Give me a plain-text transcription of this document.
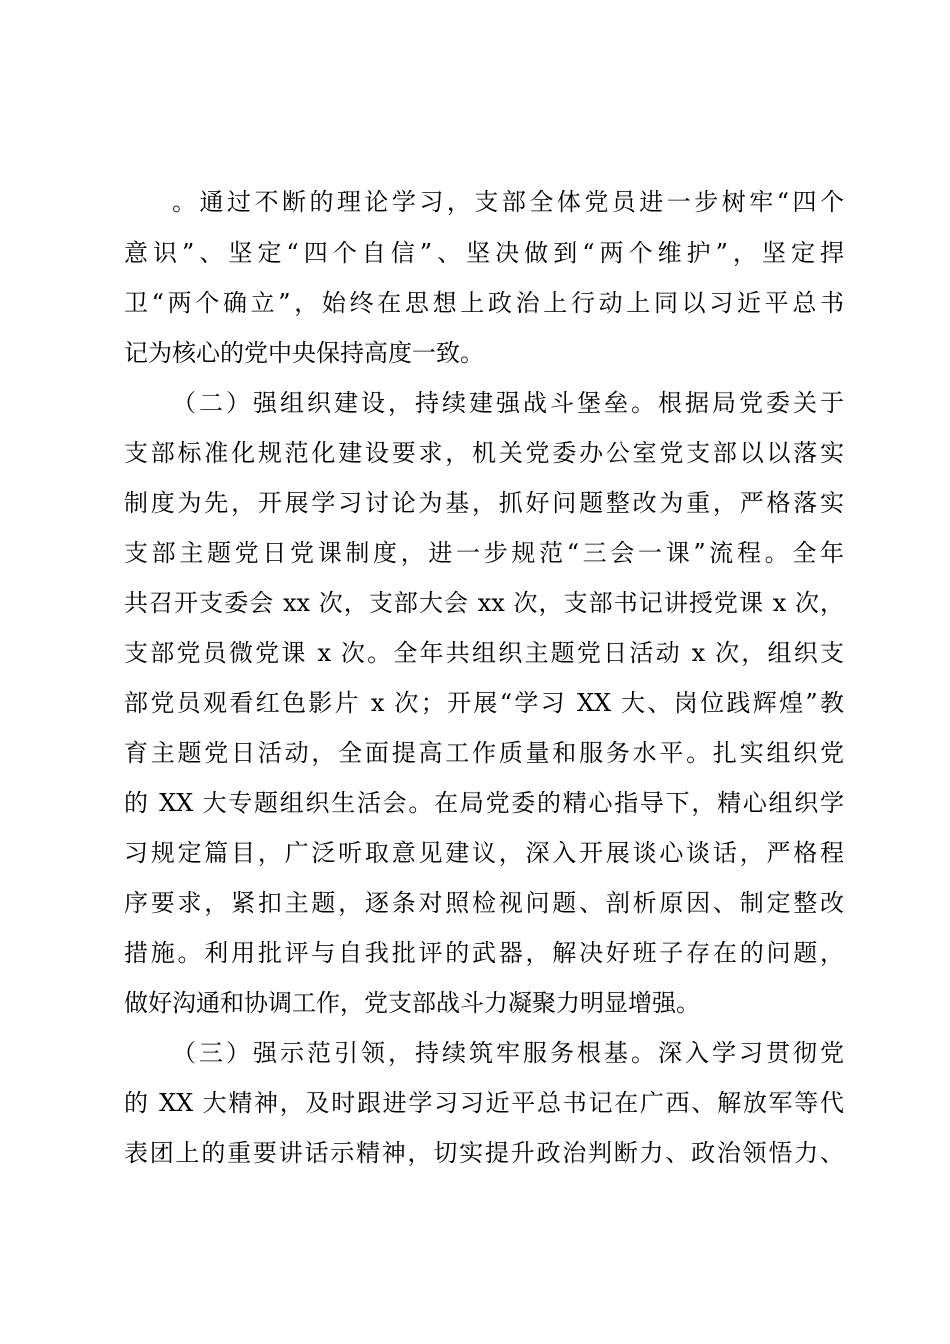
。通过不断的理论学习，支部全体党员进一步树牢“四个
意识”、坚定“四个自信”、坚决做到“两个维护”，坚定捍
卫“两个确立”，始终在思想上政治上行动上同以习近平总书
记为核心的党中央保持高度一致。
（二）强组织建设，持续建强战斗堡垒。根据局党委关于
支部标准化规范化建设要求，机关党委办公室党支部以以落实
制度为先，开展学习讨论为基，抓好问题整改为重，严格落实
支部主题党日党课制度，进一步规范“三会一课”流程。全年
共召开支委会 xx 次，支部大会 xx 次，支部书记讲授党课 x 次，
支部党员微党课 x 次。全年共组织主题党日活动 x 次，组织支
部党员观看红色影片 x 次；开展“学习 XX 大、岗位践辉煌”教
育主题党日活动，全面提高工作质量和服务水平。扎实组织党
的 XX 大专题组织生活会。在局党委的精心指导下，精心组织学
习规定篇目，广泛听取意见建议，深入开展谈心谈话，严格程
序要求，紧扣主题，逐条对照检视问题、剖析原因、制定整改
措施。利用批评与自我批评的武器，解决好班子存在的问题，
做好沟通和协调工作，党支部战斗力凝聚力明显增强。
（三）强示范引领，持续筑牢服务根基。深入学习贯彻党
的 XX 大精神，及时跟进学习习近平总书记在广西、解放军等代
表团上的重要讲话示精神，切实提升政治判断力、政治领悟力、
